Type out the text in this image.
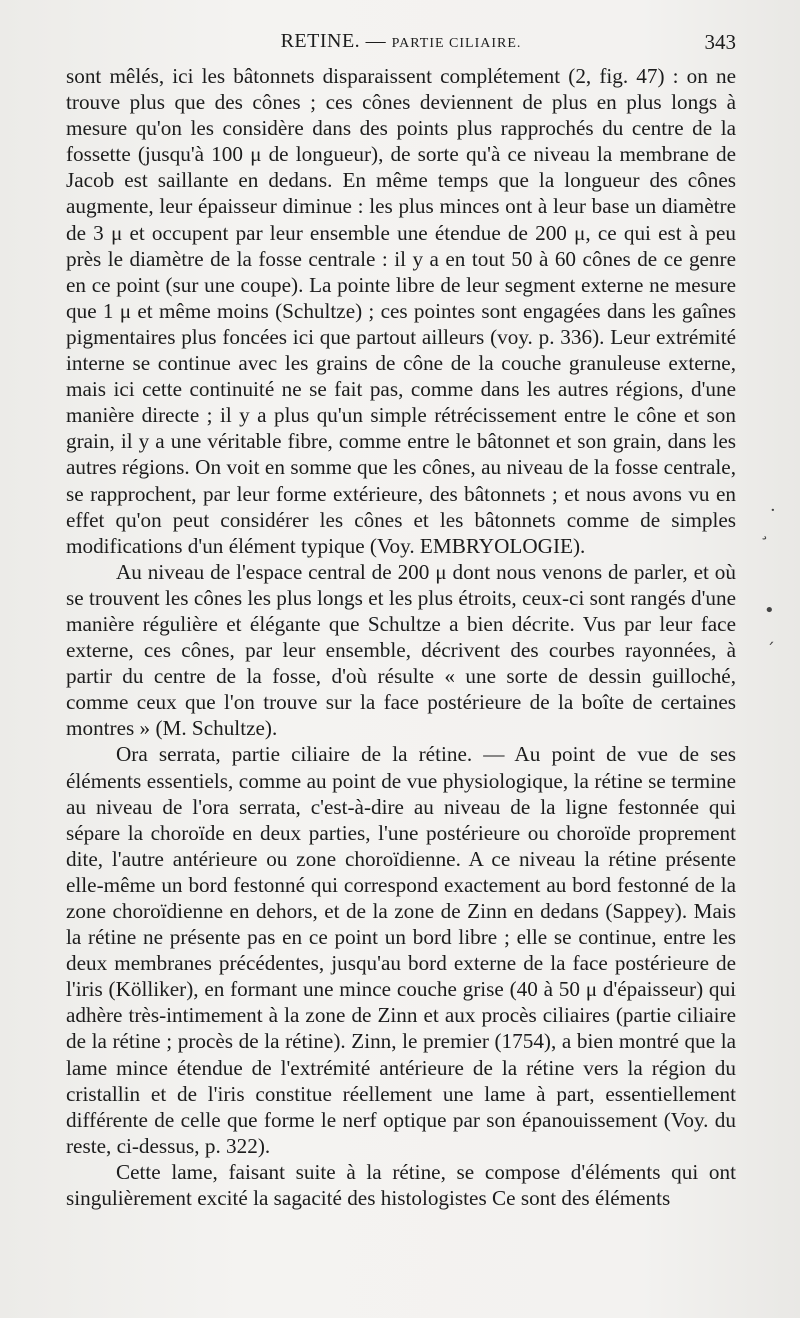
RETINE. — PARTIE CILIAIRE.	343

sont mêlés, ici les bâtonnets disparaissent complétement (2, fig. 47) : on ne trouve plus que des cônes ; ces cônes deviennent de plus en plus longs à mesure qu'on les considère dans des points plus rapprochés du centre de la fossette (jusqu'à 100 μ de longueur), de sorte qu'à ce niveau la membrane de Jacob est saillante en dedans. En même temps que la longueur des cônes augmente, leur épaisseur diminue : les plus minces ont à leur base un diamètre de 3 μ et occupent par leur ensemble une étendue de 200 μ, ce qui est à peu près le diamètre de la fosse centrale : il y a en tout 50 à 60 cônes de ce genre en ce point (sur une coupe). La pointe libre de leur segment externe ne mesure que 1 μ et même moins (Schultze) ; ces pointes sont engagées dans les gaînes pigmentaires plus foncées ici que partout ailleurs (voy. p. 336). Leur extrémité interne se continue avec les grains de cône de la couche granuleuse externe, mais ici cette continuité ne se fait pas, comme dans les autres régions, d'une manière directe ; il y a plus qu'un simple rétrécissement entre le cône et son grain, il y a une véritable fibre, comme entre le bâtonnet et son grain, dans les autres régions. On voit en somme que les cônes, au niveau de la fosse centrale, se rapprochent, par leur forme extérieure, des bâtonnets ; et nous avons vu en effet qu'on peut considérer les cônes et les bâtonnets comme de simples modifications d'un élément typique (Voy. EMBRYOLOGIE).

Au niveau de l'espace central de 200 μ dont nous venons de parler, et où se trouvent les cônes les plus longs et les plus étroits, ceux-ci sont rangés d'une manière régulière et élégante que Schultze a bien décrite. Vus par leur face externe, ces cônes, par leur ensemble, décrivent des courbes rayonnées, à partir du centre de la fosse, d'où résulte « une sorte de dessin guilloché, comme ceux que l'on trouve sur la face postérieure de la boîte de certaines montres » (M. Schultze).

Ora serrata, partie ciliaire de la rétine. — Au point de vue de ses éléments essentiels, comme au point de vue physiologique, la rétine se termine au niveau de l'ora serrata, c'est-à-dire au niveau de la ligne festonnée qui sépare la choroïde en deux parties, l'une postérieure ou choroïde proprement dite, l'autre antérieure ou zone choroïdienne. A ce niveau la rétine présente elle-même un bord festonné qui correspond exactement au bord festonné de la zone choroïdienne en dehors, et de la zone de Zinn en dedans (Sappey). Mais la rétine ne présente pas en ce point un bord libre ; elle se continue, entre les deux membranes précédentes, jusqu'au bord externe de la face postérieure de l'iris (Kölliker), en formant une mince couche grise (40 à 50 μ d'épaisseur) qui adhère très-intimement à la zone de Zinn et aux procès ciliaires (partie ciliaire de la rétine ; procès de la rétine). Zinn, le premier (1754), a bien montré que la lame mince étendue de l'extrémité antérieure de la rétine vers la région du cristallin et de l'iris constitue réellement une lame à part, essentiellement différente de celle que forme le nerf optique par son épanouissement (Voy. du reste, ci-dessus, p. 322).

Cette lame, faisant suite à la rétine, se compose d'éléments qui ont singulièrement excité la sagacité des histologistes Ce sont des éléments

·
¸
•
´
